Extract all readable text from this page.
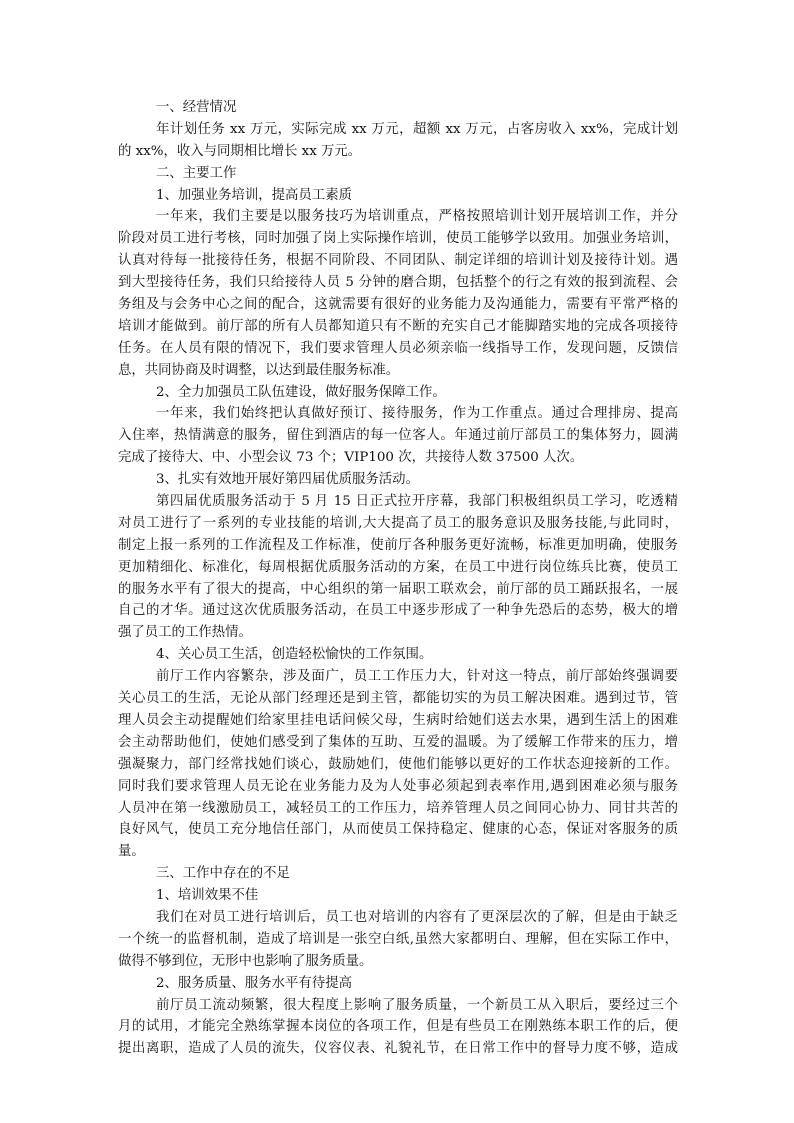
一、经营情况
年计划任务 xx 万元，实际完成 xx 万元，超额 xx 万元，占客房收入 xx%，完成计划
的 xx%，收入与同期相比增长 xx 万元。
二、主要工作
1、加强业务培训，提高员工素质
一年来，我们主要是以服务技巧为培训重点，严格按照培训计划开展培训工作，并分
阶段对员工进行考核，同时加强了岗上实际操作培训，使员工能够学以致用。加强业务培训，
认真对待每一批接待任务，根据不同阶段、不同团队、制定详细的培训计划及接待计划。遇
到大型接待任务，我们只给接待人员 5 分钟的磨合期，包括整个的行之有效的报到流程、会
务组及与会务中心之间的配合，这就需要有很好的业务能力及沟通能力，需要有平常严格的
培训才能做到。前厅部的所有人员都知道只有不断的充实自己才能脚踏实地的完成各项接待
任务。在人员有限的情况下，我们要求管理人员必须亲临一线指导工作，发现问题，反馈信
息，共同协商及时调整，以达到最佳服务标准。
2、全力加强员工队伍建设，做好服务保障工作。
一年来，我们始终把认真做好预订、接待服务，作为工作重点。通过合理排房、提高
入住率，热情满意的服务，留住到酒店的每一位客人。年通过前厅部员工的集体努力，圆满
完成了接待大、中、小型会议 73 个；VIP100 次，共接待人数 37500 人次。
3、扎实有效地开展好第四届优质服务活动。
第四届优质服务活动于 5 月 15 日正式拉开序幕，我部门积极组织员工学习，吃透精
对员工进行了一系列的专业技能的培训,大大提高了员工的服务意识及服务技能,与此同时，
制定上报一系列的工作流程及工作标准，使前厅各种服务更好流畅，标准更加明确，使服务
更加精细化、标准化，每周根据优质服务活动的方案，在员工中进行岗位练兵比赛，使员工
的服务水平有了很大的提高，中心组织的第一届职工联欢会，前厅部的员工踊跃报名，一展
自己的才华。通过这次优质服务活动，在员工中逐步形成了一种争先恐后的态势，极大的增
强了员工的工作热情。
4、关心员工生活，创造轻松愉快的工作氛围。
前厅工作内容繁杂，涉及面广，员工工作压力大，针对这一特点，前厅部始终强调要
关心员工的生活，无论从部门经理还是到主管，都能切实的为员工解决困难。遇到过节，管
理人员会主动提醒她们给家里挂电话问候父母，生病时给她们送去水果，遇到生活上的困难
会主动帮助他们，使她们感受到了集体的互助、互爱的温暖。为了缓解工作带来的压力，增
强凝聚力，部门经常找她们谈心，鼓励她们，使他们能够以更好的工作状态迎接新的工作。
同时我们要求管理人员无论在业务能力及为人处事必须起到表率作用,遇到困难必须与服务
人员冲在第一线激励员工，减轻员工的工作压力，培养管理人员之间同心协力、同甘共苦的
良好风气，使员工充分地信任部门，从而使员工保持稳定、健康的心态，保证对客服务的质
量。
三、工作中存在的不足
1、培训效果不佳
我们在对员工进行培训后，员工也对培训的内容有了更深层次的了解，但是由于缺乏
一个统一的监督机制，造成了培训是一张空白纸,虽然大家都明白、理解，但在实际工作中，
做得不够到位，无形中也影响了服务质量。
2、服务质量、服务水平有待提高
前厅员工流动频繁，很大程度上影响了服务质量，一个新员工从入职后，要经过三个
月的试用，才能完全熟练掌握本岗位的各项工作，但是有些员工在刚熟练本职工作的后，便
提出离职，造成了人员的流失，仪容仪表、礼貌礼节，在日常工作中的督导力度不够，造成
